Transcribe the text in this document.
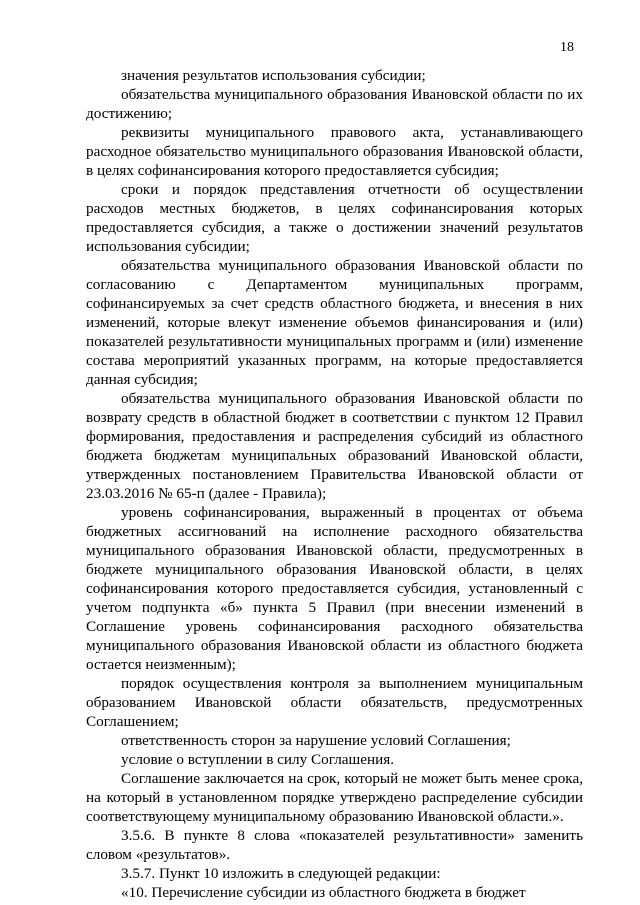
18

значения результатов использования субсидии;

обязательства муниципального образования Ивановской области по их достижению;

реквизиты муниципального правового акта, устанавливающего расходное обязательство муниципального образования Ивановской области, в целях софинансирования которого предоставляется субсидия;

сроки и порядок представления отчетности об осуществлении расходов местных бюджетов, в целях софинансирования которых предоставляется субсидия, а также о достижении значений результатов использования субсидии;

обязательства муниципального образования Ивановской области по согласованию с Департаментом муниципальных программ, софинансируемых за счет средств областного бюджета, и внесения в них изменений, которые влекут изменение объемов финансирования и (или) показателей результативности муниципальных программ и (или) изменение состава мероприятий указанных программ, на которые предоставляется данная субсидия;

обязательства муниципального образования Ивановской области по возврату средств в областной бюджет в соответствии с пунктом 12 Правил формирования, предоставления и распределения субсидий из областного бюджета бюджетам муниципальных образований Ивановской области, утвержденных постановлением Правительства Ивановской области от 23.03.2016 № 65-п (далее - Правила);

уровень софинансирования, выраженный в процентах от объема бюджетных ассигнований на исполнение расходного обязательства муниципального образования Ивановской области, предусмотренных в бюджете муниципального образования Ивановской области, в целях софинансирования которого предоставляется субсидия, установленный с учетом подпункта «б» пункта 5 Правил (при внесении изменений в Соглашение уровень софинансирования расходного обязательства муниципального образования Ивановской области из областного бюджета остается неизменным);

порядок осуществления контроля за выполнением муниципальным образованием Ивановской области обязательств, предусмотренных Соглашением;

ответственность сторон за нарушение условий Соглашения;

условие о вступлении в силу Соглашения.

Соглашение заключается на срок, который не может быть менее срока, на который в установленном порядке утверждено распределение субсидии соответствующему муниципальному образованию Ивановской области.».

3.5.6. В пункте 8 слова «показателей результативности» заменить словом «результатов».

3.5.7. Пункт 10 изложить в следующей редакции:

«10. Перечисление субсидии из областного бюджета в бюджет
